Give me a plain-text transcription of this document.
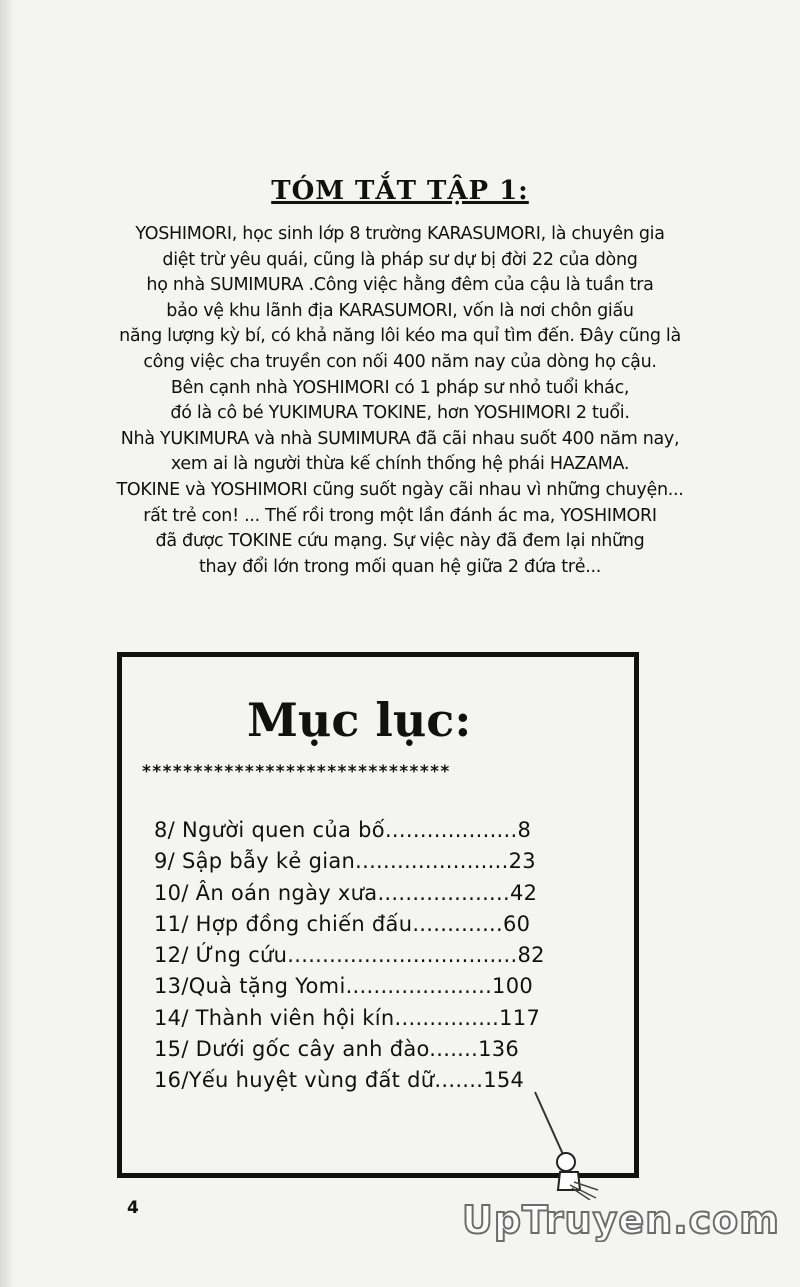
TÓM TẮT TẬP 1:
YOSHIMORI, học sinh lớp 8 trường KARASUMORI, là chuyên gia
diệt trừ yêu quái, cũng là pháp sư dự bị đời 22 của dòng
họ nhà SUMIMURA .Công việc hằng đêm của cậu là tuần tra
bảo vệ khu lãnh địa KARASUMORI, vốn là nơi chôn giấu
năng lượng kỳ bí, có khả năng lôi kéo ma quỉ tìm đến. Đây cũng là
công việc cha truyền con nối 400 năm nay của dòng họ cậu.
Bên cạnh nhà YOSHIMORI có 1 pháp sư nhỏ tuổi khác,
đó là cô bé YUKIMURA TOKINE, hơn YOSHIMORI 2 tuổi.
Nhà YUKIMURA và nhà SUMIMURA đã cãi nhau suốt 400 năm nay,
xem ai là người thừa kế chính thống hệ phái HAZAMA.
TOKINE và YOSHIMORI cũng suốt ngày cãi nhau vì những chuyện...
rất trẻ con! ... Thế rồi trong một lần đánh ác ma, YOSHIMORI
đã được TOKINE cứu mạng. Sự việc này đã đem lại những
thay đổi lớn trong mối quan hệ giữa 2 đứa trẻ...
Mục lục:
******************************
8/ Người quen của bố...................8
9/ Sập bẫy kẻ gian......................23
10/ Ân oán ngày xưa...................42
11/ Hợp đồng chiến đấu.............60
12/ Ứng cứu.................................82
13/Quà tặng Yomi.....................100
14/ Thành viên hội kín...............117
15/ Dưới gốc cây anh đào.......136
16/Yếu huyệt vùng đất dữ.......154
4	UpTruyen.com
